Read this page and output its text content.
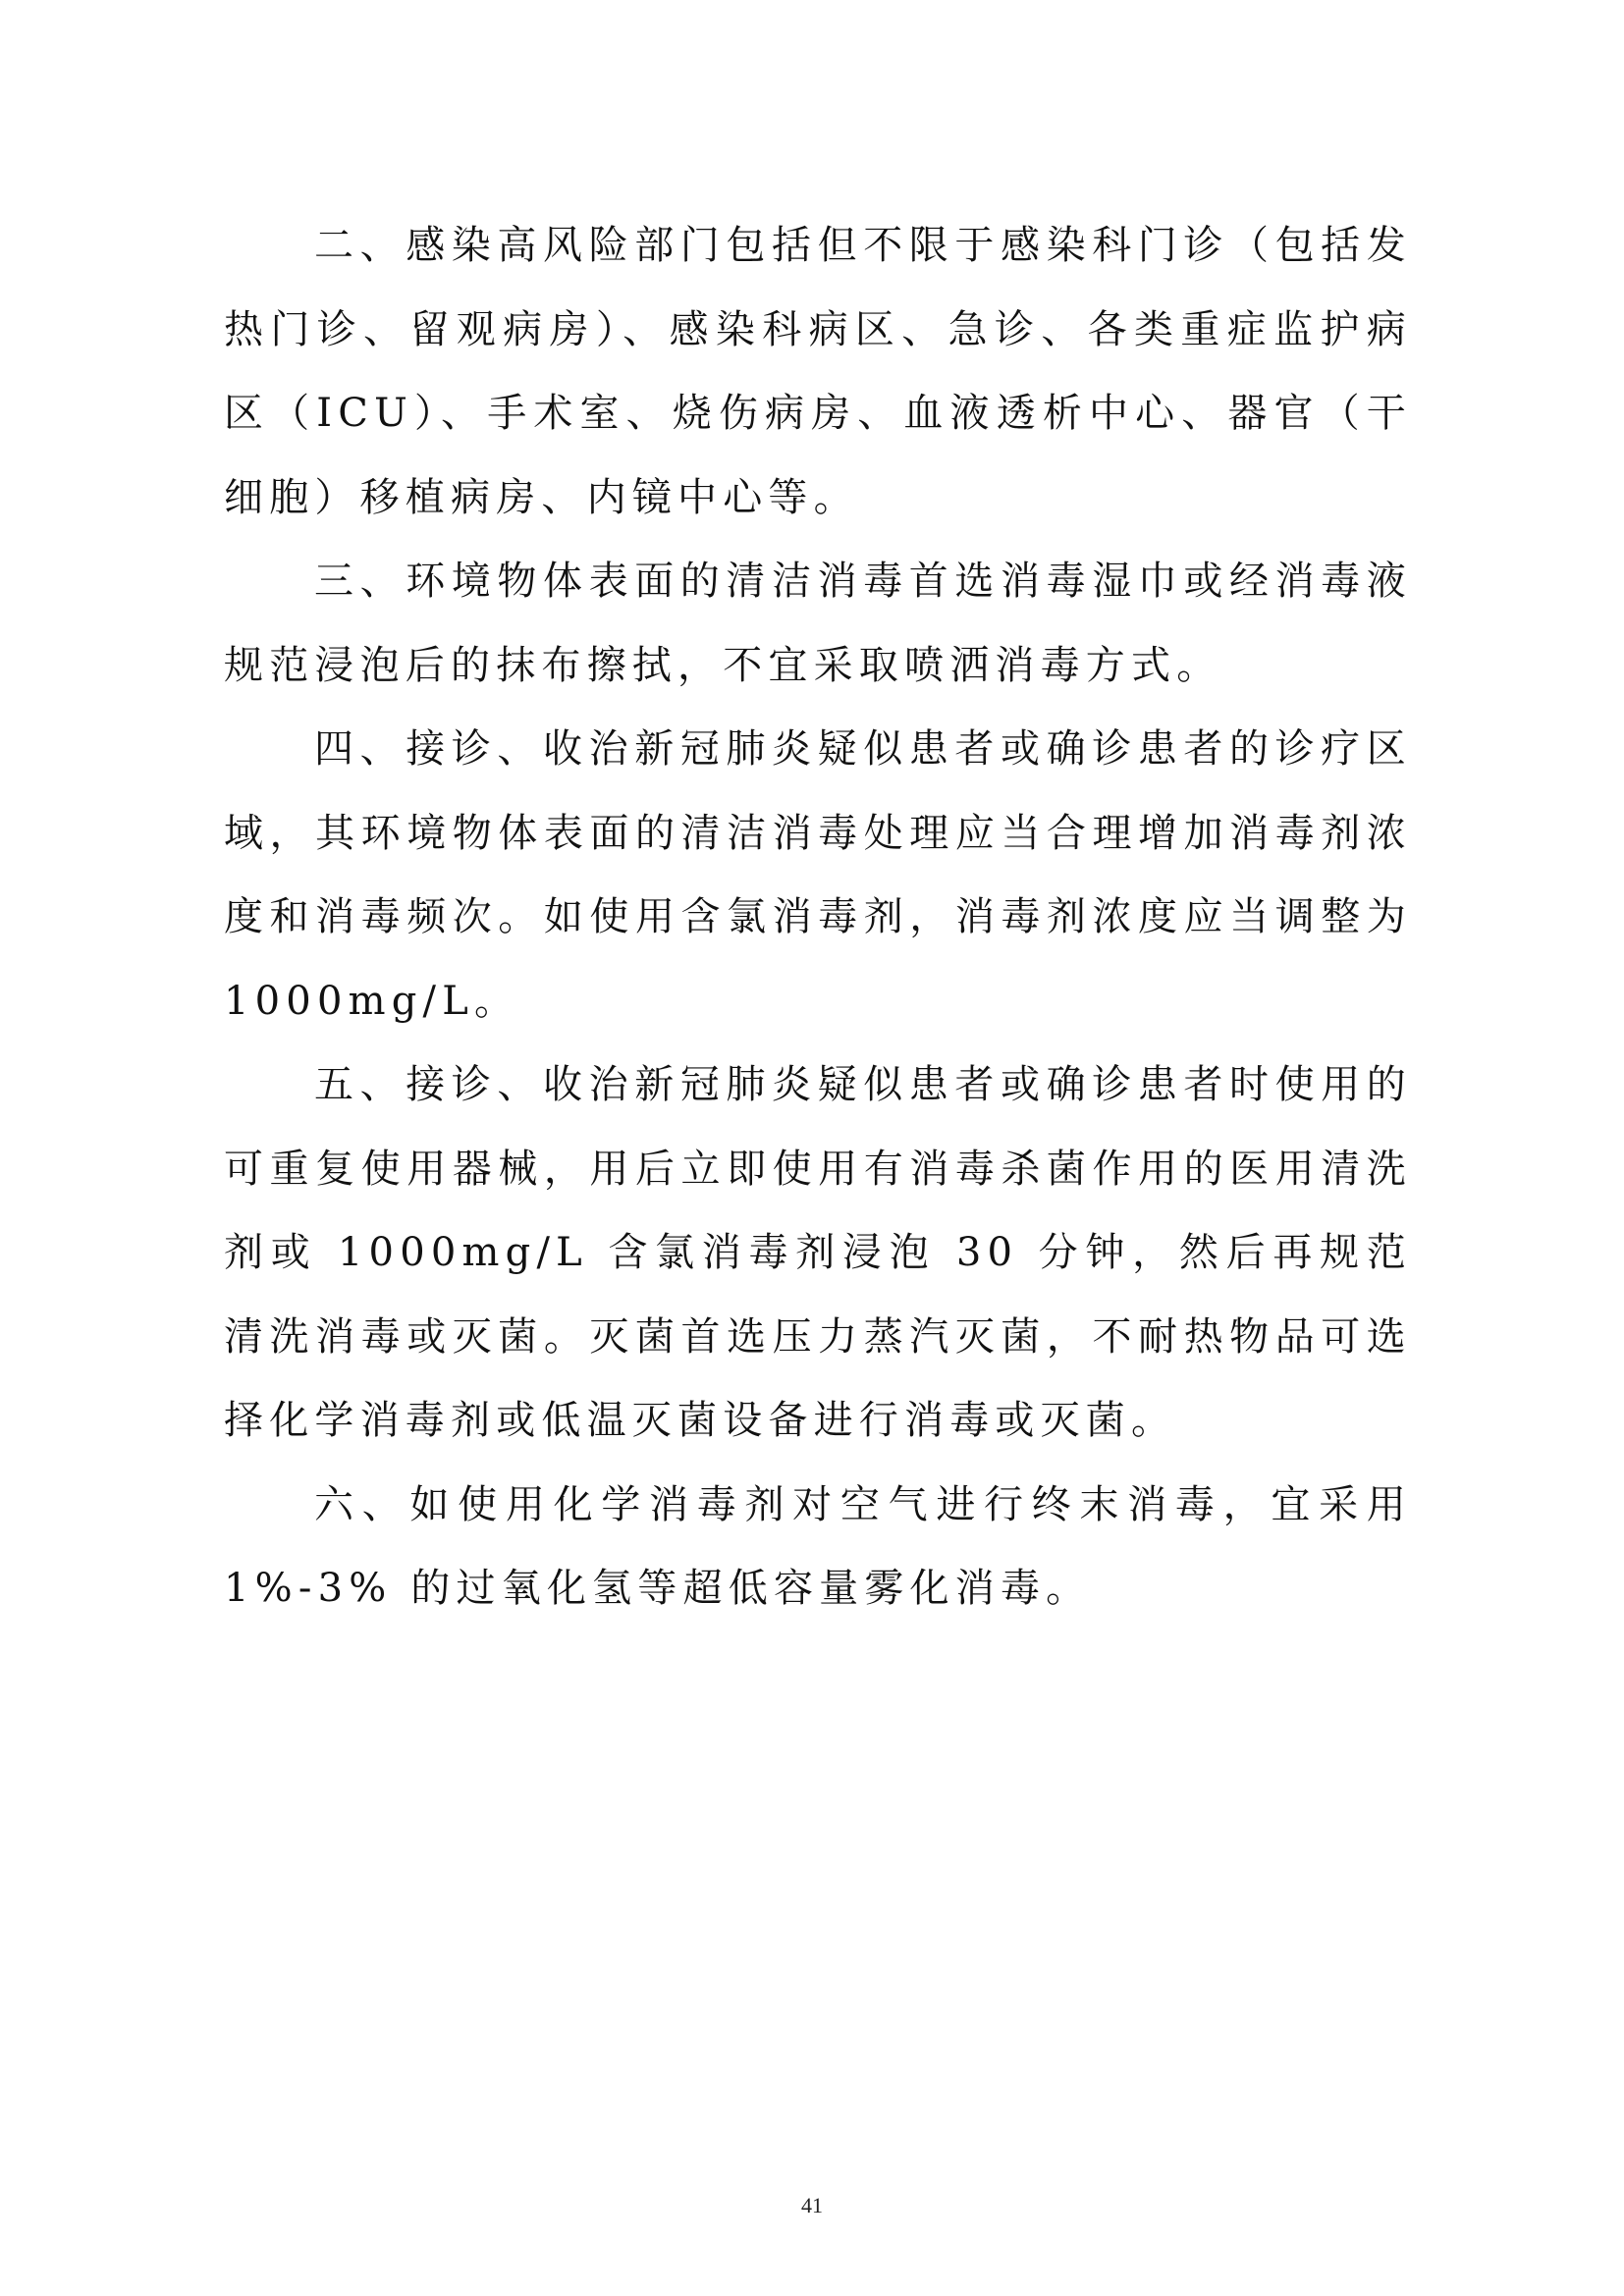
二、感染高风险部门包括但不限于感染科门诊（包括发热门诊、留观病房）、感染科病区、急诊、各类重症监护病区（ICU）、手术室、烧伤病房、血液透析中心、器官（干细胞）移植病房、内镜中心等。

三、环境物体表面的清洁消毒首选消毒湿巾或经消毒液规范浸泡后的抹布擦拭，不宜采取喷洒消毒方式。

四、接诊、收治新冠肺炎疑似患者或确诊患者的诊疗区域，其环境物体表面的清洁消毒处理应当合理增加消毒剂浓度和消毒频次。如使用含氯消毒剂，消毒剂浓度应当调整为 1000mg/L。

五、接诊、收治新冠肺炎疑似患者或确诊患者时使用的可重复使用器械，用后立即使用有消毒杀菌作用的医用清洗剂或 1000mg/L 含氯消毒剂浸泡 30 分钟，然后再规范清洗消毒或灭菌。灭菌首选压力蒸汽灭菌，不耐热物品可选择化学消毒剂或低温灭菌设备进行消毒或灭菌。

六、如使用化学消毒剂对空气进行终末消毒，宜采用 1%-3% 的过氧化氢等超低容量雾化消毒。

41
